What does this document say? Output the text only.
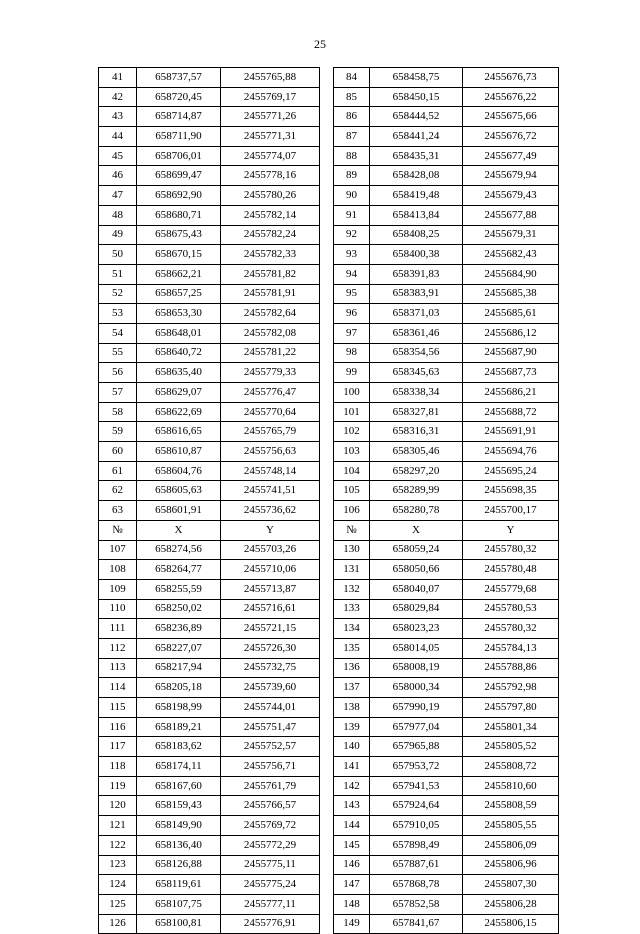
25
41	658737,57	2455765,88		84	658458,75	2455676,73
42	658720,45	2455769,17		85	658450,15	2455676,22
43	658714,87	2455771,26		86	658444,52	2455675,66
44	658711,90	2455771,31		87	658441,24	2455676,72
45	658706,01	2455774,07		88	658435,31	2455677,49
46	658699,47	2455778,16		89	658428,08	2455679,94
47	658692,90	2455780,26		90	658419,48	2455679,43
48	658680,71	2455782,14		91	658413,84	2455677,88
49	658675,43	2455782,24		92	658408,25	2455679,31
50	658670,15	2455782,33		93	658400,38	2455682,43
51	658662,21	2455781,82		94	658391,83	2455684,90
52	658657,25	2455781,91		95	658383,91	2455685,38
53	658653,30	2455782,64		96	658371,03	2455685,61
54	658648,01	2455782,08		97	658361,46	2455686,12
55	658640,72	2455781,22		98	658354,56	2455687,90
56	658635,40	2455779,33		99	658345,63	2455687,73
57	658629,07	2455776,47		100	658338,34	2455686,21
58	658622,69	2455770,64		101	658327,81	2455688,72
59	658616,65	2455765,79		102	658316,31	2455691,91
60	658610,87	2455756,63		103	658305,46	2455694,76
61	658604,76	2455748,14		104	658297,20	2455695,24
62	658605,63	2455741,51		105	658289,99	2455698,35
63	658601,91	2455736,62		106	658280,78	2455700,17
№	X	Y		№	X	Y
107	658274,56	2455703,26		130	658059,24	2455780,32
108	658264,77	2455710,06		131	658050,66	2455780,48
109	658255,59	2455713,87		132	658040,07	2455779,68
110	658250,02	2455716,61		133	658029,84	2455780,53
111	658236,89	2455721,15		134	658023,23	2455780,32
112	658227,07	2455726,30		135	658014,05	2455784,13
113	658217,94	2455732,75		136	658008,19	2455788,86
114	658205,18	2455739,60		137	658000,34	2455792,98
115	658198,99	2455744,01		138	657990,19	2455797,80
116	658189,21	2455751,47		139	657977,04	2455801,34
117	658183,62	2455752,57		140	657965,88	2455805,52
118	658174,11	2455756,71		141	657953,72	2455808,72
119	658167,60	2455761,79		142	657941,53	2455810,60
120	658159,43	2455766,57		143	657924,64	2455808,59
121	658149,90	2455769,72		144	657910,05	2455805,55
122	658136,40	2455772,29		145	657898,49	2455806,09
123	658126,88	2455775,11		146	657887,61	2455806,96
124	658119,61	2455775,24		147	657868,78	2455807,30
125	658107,75	2455777,11		148	657852,58	2455806,28
126	658100,81	2455776,91		149	657841,67	2455806,15
